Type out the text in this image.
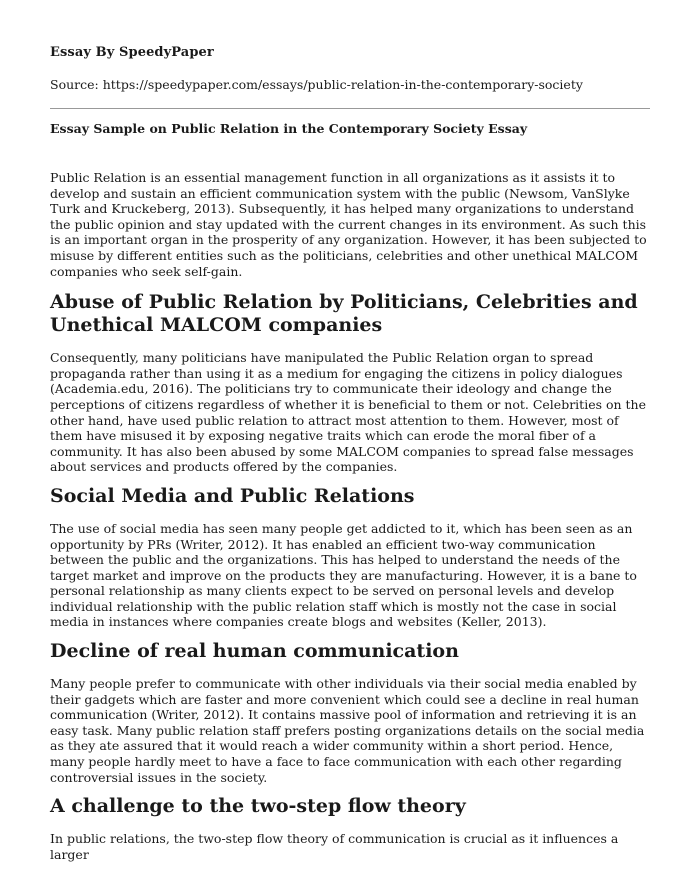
Essay By SpeedyPaper
Source: https://speedypaper.com/essays/public-relation-in-the-contemporary-society
Essay Sample on Public Relation in the Contemporary Society Essay

Public Relation is an essential management function in all organizations as it assists it to develop and sustain an efficient communication system with the public (Newsom, VanSlyke Turk and Kruckeberg, 2013). Subsequently, it has helped many organizations to understand the public opinion and stay updated with the current changes in its environment. As such this is an important organ in the prosperity of any organization. However, it has been subjected to misuse by different entities such as the politicians, celebrities and other unethical MALCOM companies who seek self-gain.

Abuse of Public Relation by Politicians, Celebrities and Unethical MALCOM companies

Consequently, many politicians have manipulated the Public Relation organ to spread propaganda rather than using it as a medium for engaging the citizens in policy dialogues (Academia.edu, 2016). The politicians try to communicate their ideology and change the perceptions of citizens regardless of whether it is beneficial to them or not. Celebrities on the other hand, have used public relation to attract most attention to them. However, most of them have misused it by exposing negative traits which can erode the moral fiber of a community. It has also been abused by some MALCOM companies to spread false messages about services and products offered by the companies.

Social Media and Public Relations

The use of social media has seen many people get addicted to it, which has been seen as an opportunity by PRs (Writer, 2012). It has enabled an efficient two-way communication between the public and the organizations. This has helped to understand the needs of the target market and improve on the products they are manufacturing. However, it is a bane to personal relationship as many clients expect to be served on personal levels and develop individual relationship with the public relation staff which is mostly not the case in social media in instances where companies create blogs and websites (Keller, 2013).

Decline of real human communication

Many people prefer to communicate with other individuals via their social media enabled by their gadgets which are faster and more convenient which could see a decline in real human communication (Writer, 2012). It contains massive pool of information and retrieving it is an easy task. Many public relation staff prefers posting organizations details on the social media as they ate assured that it would reach a wider community within a short period. Hence, many people hardly meet to have a face to face communication with each other regarding controversial issues in the society.

A challenge to the two-step flow theory

In public relations, the two-step flow theory of communication is crucial as it influences a larger
